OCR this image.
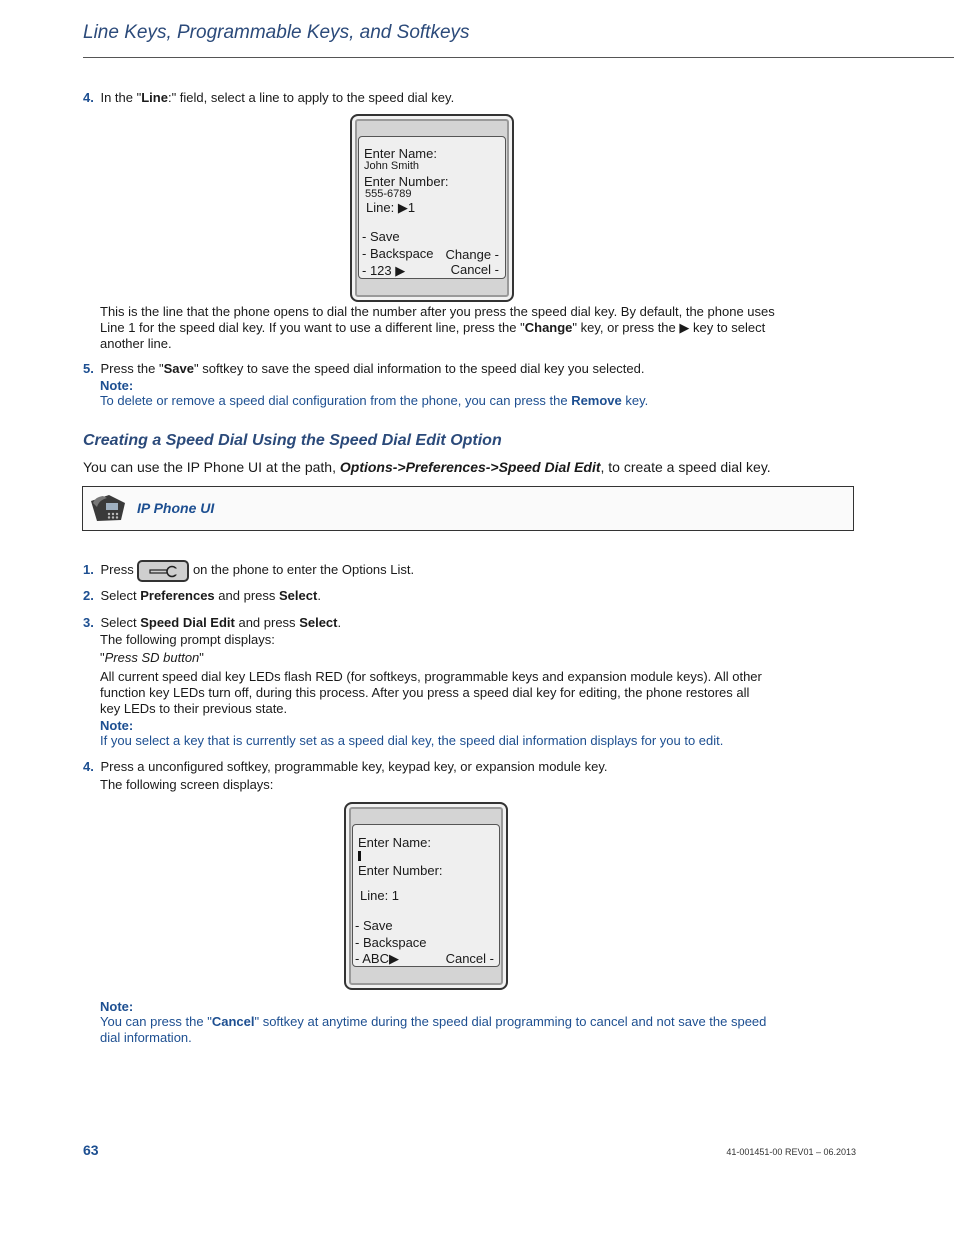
Line Keys, Programmable Keys, and Softkeys
4. In the "Line:" field, select a line to apply to the speed dial key.
Enter Name:
John Smith
Enter Number:
555-6789
Line: ▶1
- Save
- Backspace
- 123 ▶
Change -
Cancel -
This is the line that the phone opens to dial the number after you press the speed dial key. By default, the phone uses
Line 1 for the speed dial key. If you want to use a different line, press the "Change" key, or press the ▶ key to select
another line.
5. Press the "Save" softkey to save the speed dial information to the speed dial key you selected.
Note:
To delete or remove a speed dial configuration from the phone, you can press the Remove key.
Creating a Speed Dial Using the Speed Dial Edit Option
You can use the IP Phone UI at the path, Options->Preferences->Speed Dial Edit, to create a speed dial key.
IP Phone UI
1. Press	on the phone to enter the Options List.
2. Select Preferences and press Select.
3. Select Speed Dial Edit and press Select.
The following prompt displays:
"Press SD button"
All current speed dial key LEDs flash RED (for softkeys, programmable keys and expansion module keys). All other
function key LEDs turn off, during this process. After you press a speed dial key for editing, the phone restores all
key LEDs to their previous state.
Note:
If you select a key that is currently set as a speed dial key, the speed dial information displays for you to edit.
4. Press a unconfigured softkey, programmable key, keypad key, or expansion module key.
The following screen displays:
Enter Name:
Enter Number:
Line: 1
- Save
- Backspace
- ABC▶	Cancel -
Note:
You can press the "Cancel" softkey at anytime during the speed dial programming to cancel and not save the speed
dial information.
63	41-001451-00 REV01 – 06.2013
